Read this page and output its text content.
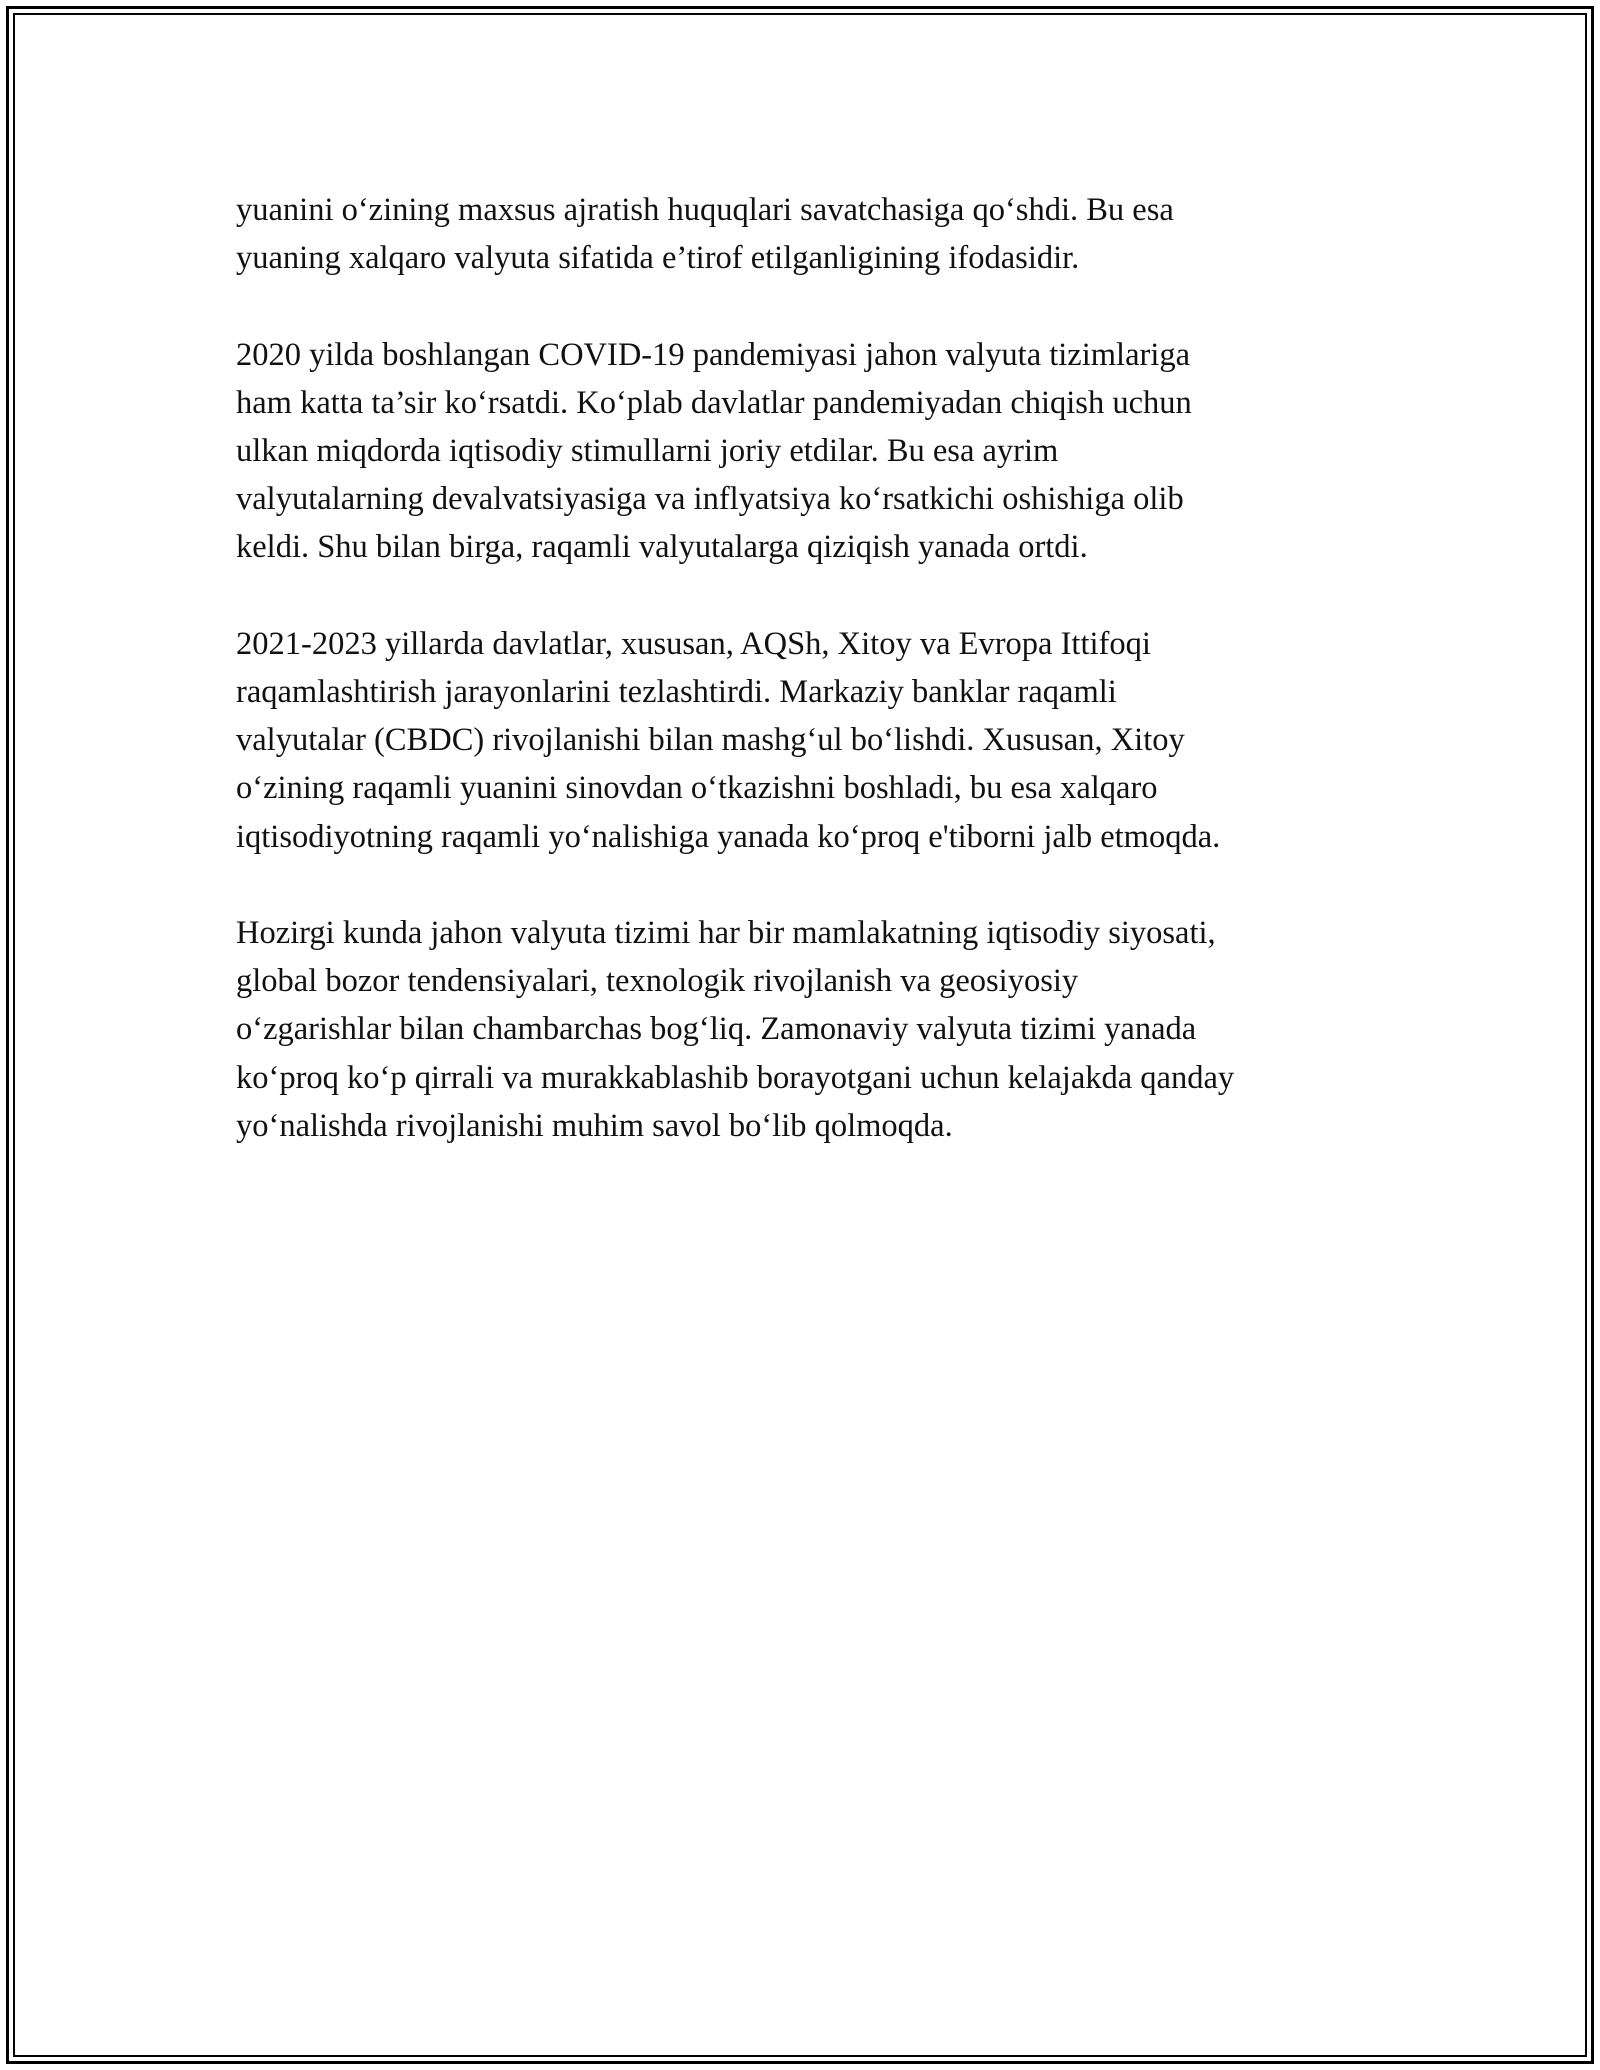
yuanini o‘zining maxsus ajratish huquqlari savatchasiga qo‘shdi. Bu esa
yuaning xalqaro valyuta sifatida e’tirof etilganligining ifodasidir.

2020 yilda boshlangan COVID-19 pandemiyasi jahon valyuta tizimlariga
ham katta ta’sir ko‘rsatdi. Ko‘plab davlatlar pandemiyadan chiqish uchun
ulkan miqdorda iqtisodiy stimullarni joriy etdilar. Bu esa ayrim
valyutalarning devalvatsiyasiga va inflyatsiya ko‘rsatkichi oshishiga olib
keldi. Shu bilan birga, raqamli valyutalarga qiziqish yanada ortdi.

2021-2023 yillarda davlatlar, xususan, AQSh, Xitoy va Evropa Ittifoqi
raqamlashtirish jarayonlarini tezlashtirdi. Markaziy banklar raqamli
valyutalar (CBDC) rivojlanishi bilan mashg‘ul bo‘lishdi. Xususan, Xitoy
o‘zining raqamli yuanini sinovdan o‘tkazishni boshladi, bu esa xalqaro
iqtisodiyotning raqamli yo‘nalishiga yanada ko‘proq e'tiborni jalb etmoqda.

Hozirgi kunda jahon valyuta tizimi har bir mamlakatning iqtisodiy siyosati,
global bozor tendensiyalari, texnologik rivojlanish va geosiyosiy
o‘zgarishlar bilan chambarchas bog‘liq. Zamonaviy valyuta tizimi yanada
ko‘proq ko‘p qirrali va murakkablashib borayotgani uchun kelajakda qanday
yo‘nalishda rivojlanishi muhim savol bo‘lib qolmoqda.
